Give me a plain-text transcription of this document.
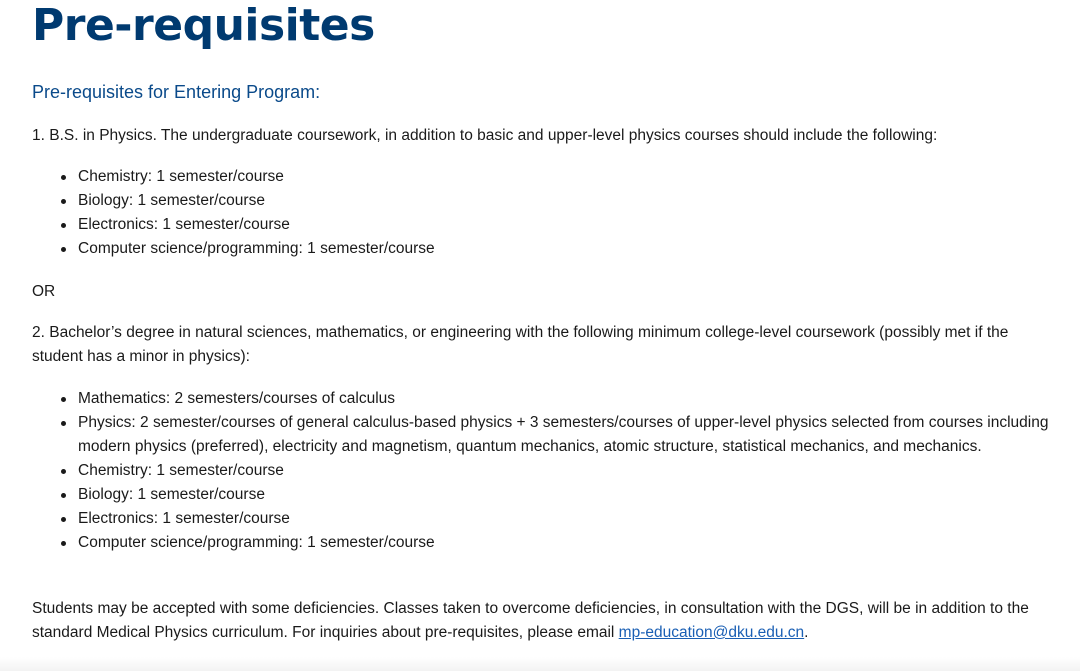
Pre-requisites
Pre-requisites for Entering Program:

1. B.S. in Physics. The undergraduate coursework, in addition to basic and upper-level physics courses should include the following:

Chemistry: 1 semester/course
Biology: 1 semester/course
Electronics: 1 semester/course
Computer science/programming: 1 semester/course

OR

2. Bachelor’s degree in natural sciences, mathematics, or engineering with the following minimum college-level coursework (possibly met if the student has a minor in physics):

Mathematics: 2 semesters/courses of calculus
Physics: 2 semester/courses of general calculus-based physics + 3 semesters/courses of upper-level physics selected from courses including modern physics (preferred), electricity and magnetism, quantum mechanics, atomic structure, statistical mechanics, and mechanics.
Chemistry: 1 semester/course
Biology: 1 semester/course
Electronics: 1 semester/course
Computer science/programming: 1 semester/course

Students may be accepted with some deficiencies. Classes taken to overcome deficiencies, in consultation with the DGS, will be in addition to the standard Medical Physics curriculum. For inquiries about pre-requisites, please email mp-education@dku.edu.cn.
